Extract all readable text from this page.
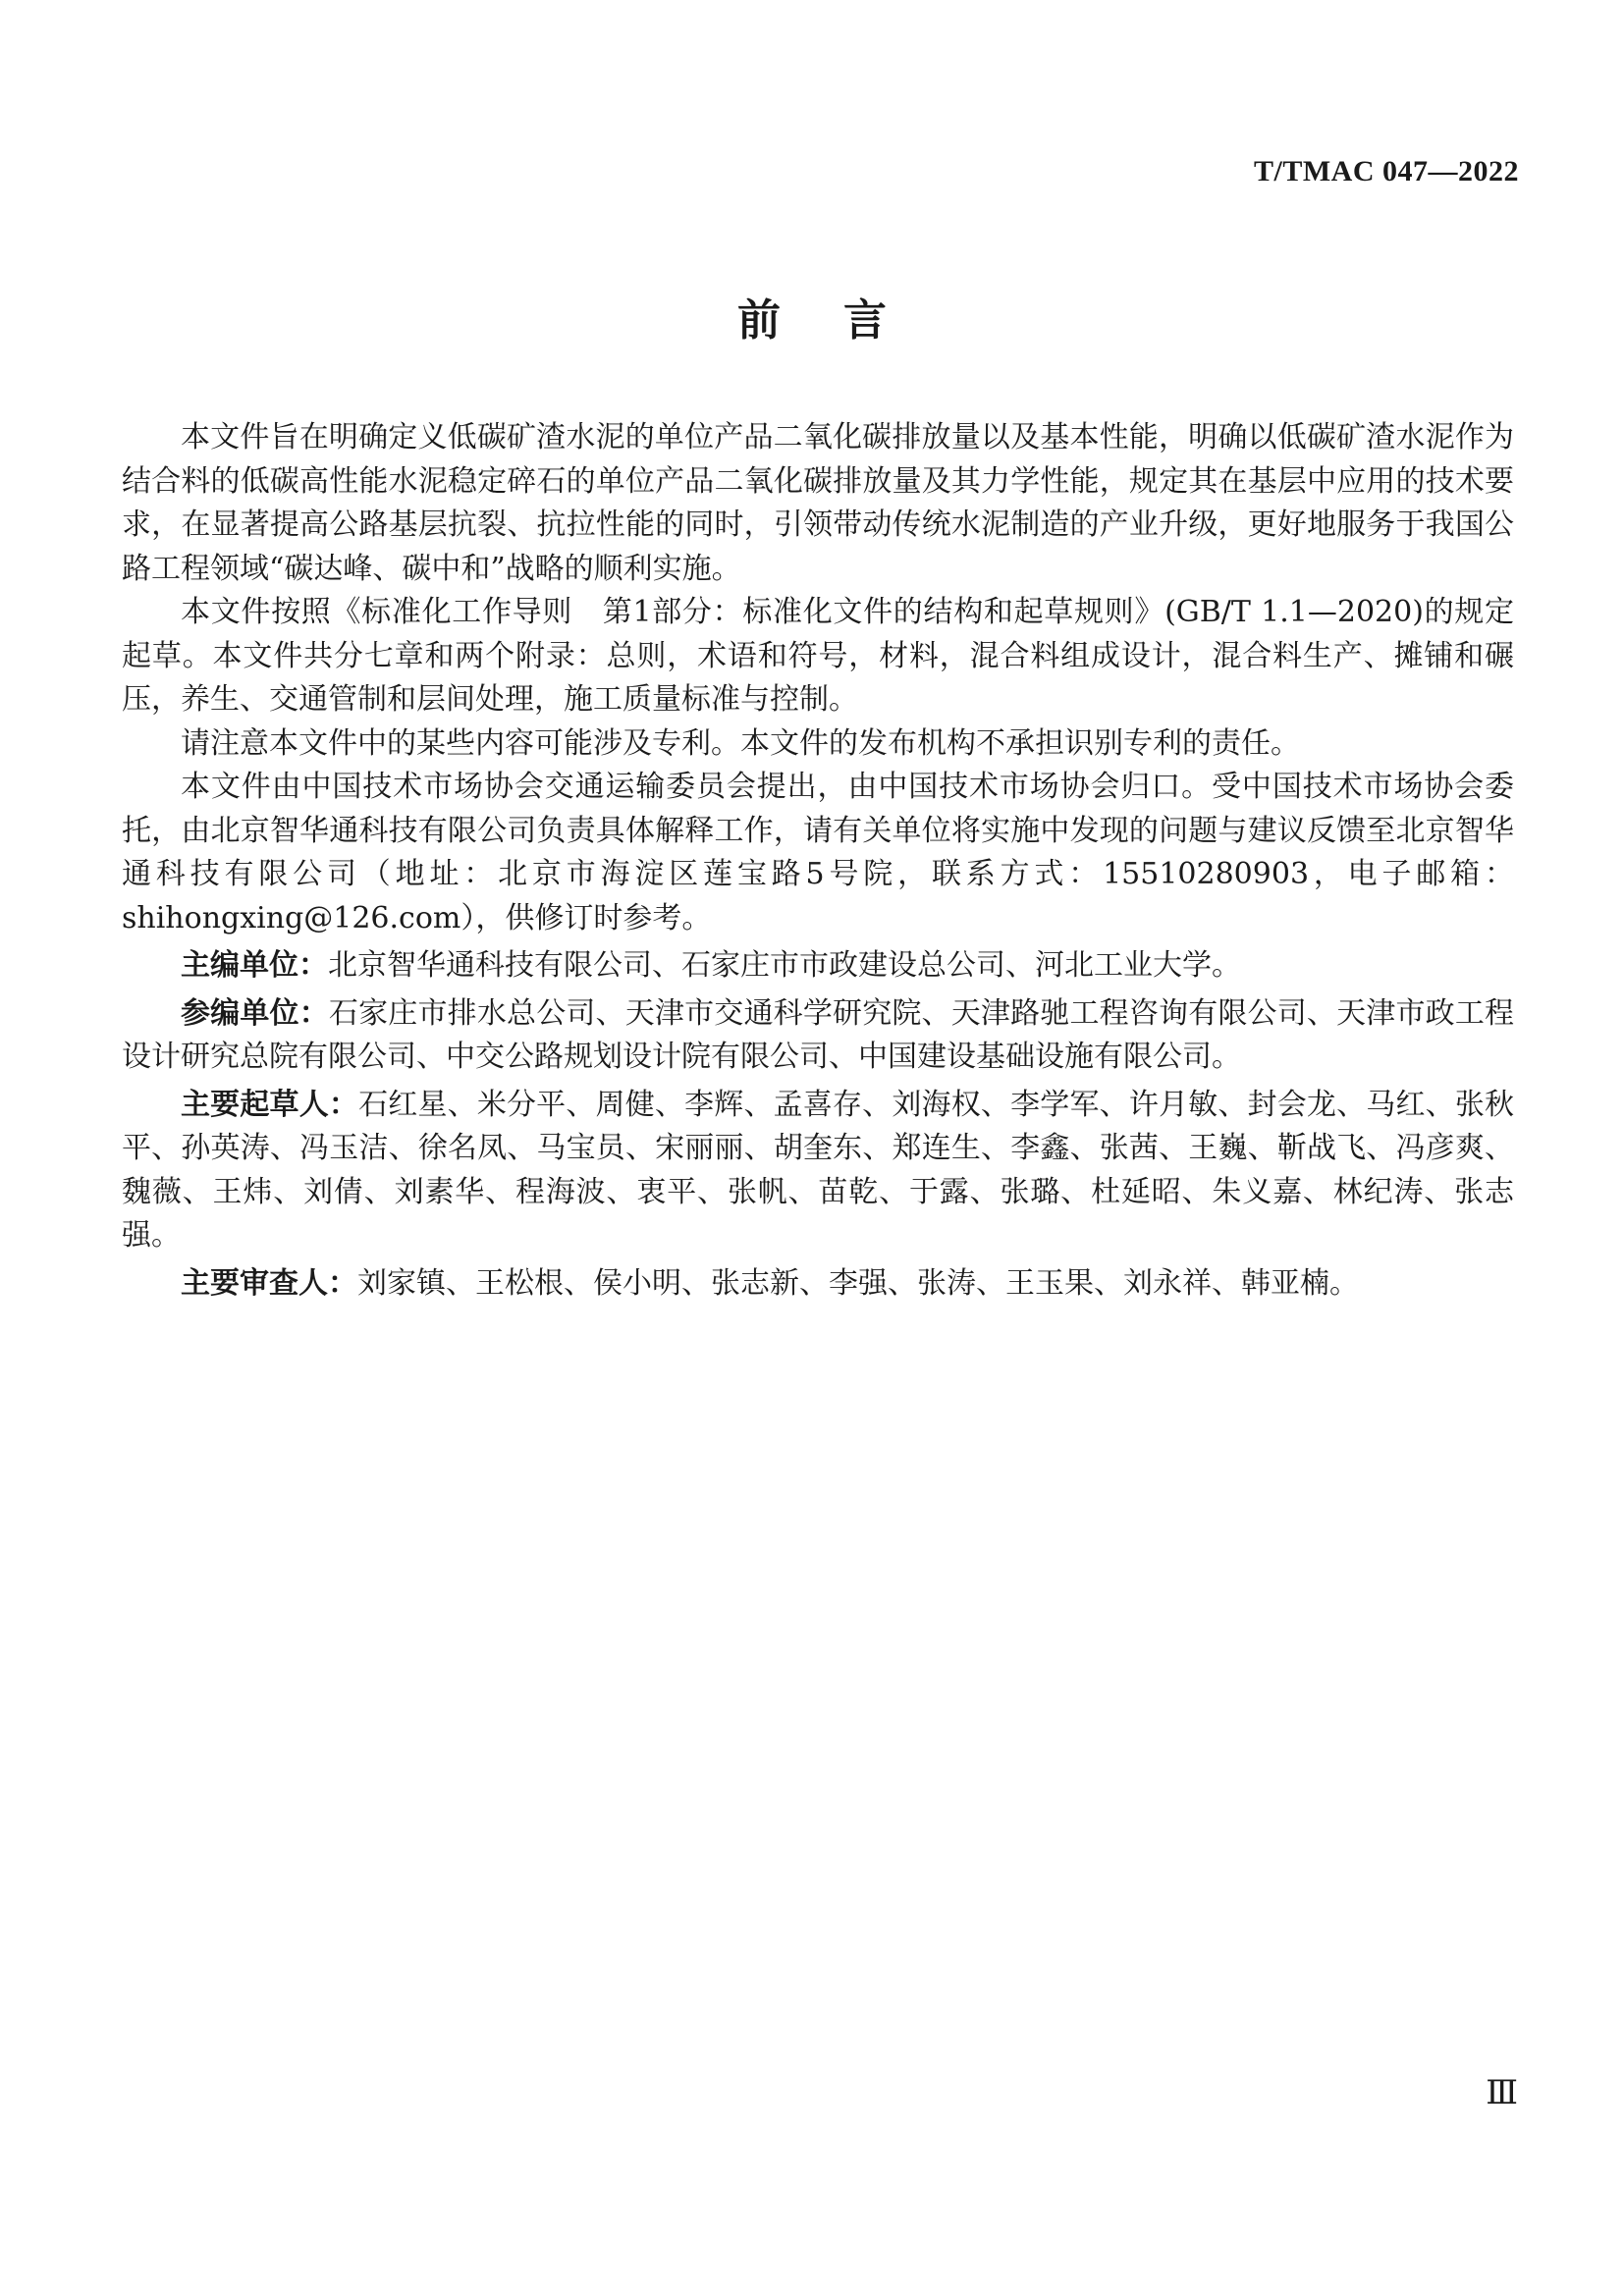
T/TMAC 047—2022
前言

本文件旨在明确定义低碳矿渣水泥的单位产品二氧化碳排放量以及基本性能，明确以低碳矿渣水泥作为结合料的低碳高性能水泥稳定碎石的单位产品二氧化碳排放量及其力学性能，规定其在基层中应用的技术要求，在显著提高公路基层抗裂、抗拉性能的同时，引领带动传统水泥制造的产业升级，更好地服务于我国公路工程领域“碳达峰、碳中和”战略的顺利实施。

本文件按照《标准化工作导则　第1部分：标准化文件的结构和起草规则》(GB/T 1.1—2020)的规定起草。本文件共分七章和两个附录：总则，术语和符号，材料，混合料组成设计，混合料生产、摊铺和碾压，养生、交通管制和层间处理，施工质量标准与控制。

请注意本文件中的某些内容可能涉及专利。本文件的发布机构不承担识别专利的责任。

本文件由中国技术市场协会交通运输委员会提出，由中国技术市场协会归口。受中国技术市场协会委托，由北京智华通科技有限公司负责具体解释工作，请有关单位将实施中发现的问题与建议反馈至北京智华通科技有限公司（地址：北京市海淀区莲宝路5号院，联系方式：15510280903，电子邮箱：shihongxing@126.com），供修订时参考。

主编单位：北京智华通科技有限公司、石家庄市市政建设总公司、河北工业大学。

参编单位：石家庄市排水总公司、天津市交通科学研究院、天津路驰工程咨询有限公司、天津市政工程设计研究总院有限公司、中交公路规划设计院有限公司、中国建设基础设施有限公司。

主要起草人：石红星、米分平、周健、李辉、孟喜存、刘海权、李学军、许月敏、封会龙、马红、张秋平、孙英涛、冯玉洁、徐名凤、马宝员、宋丽丽、胡奎东、郑连生、李鑫、张茜、王巍、靳战飞、冯彦爽、魏薇、王炜、刘倩、刘素华、程海波、衷平、张帆、苗乾、于露、张璐、杜延昭、朱义嘉、林纪涛、张志强。

主要审查人：刘家镇、王松根、侯小明、张志新、李强、张涛、王玉果、刘永祥、韩亚楠。

Ⅲ
